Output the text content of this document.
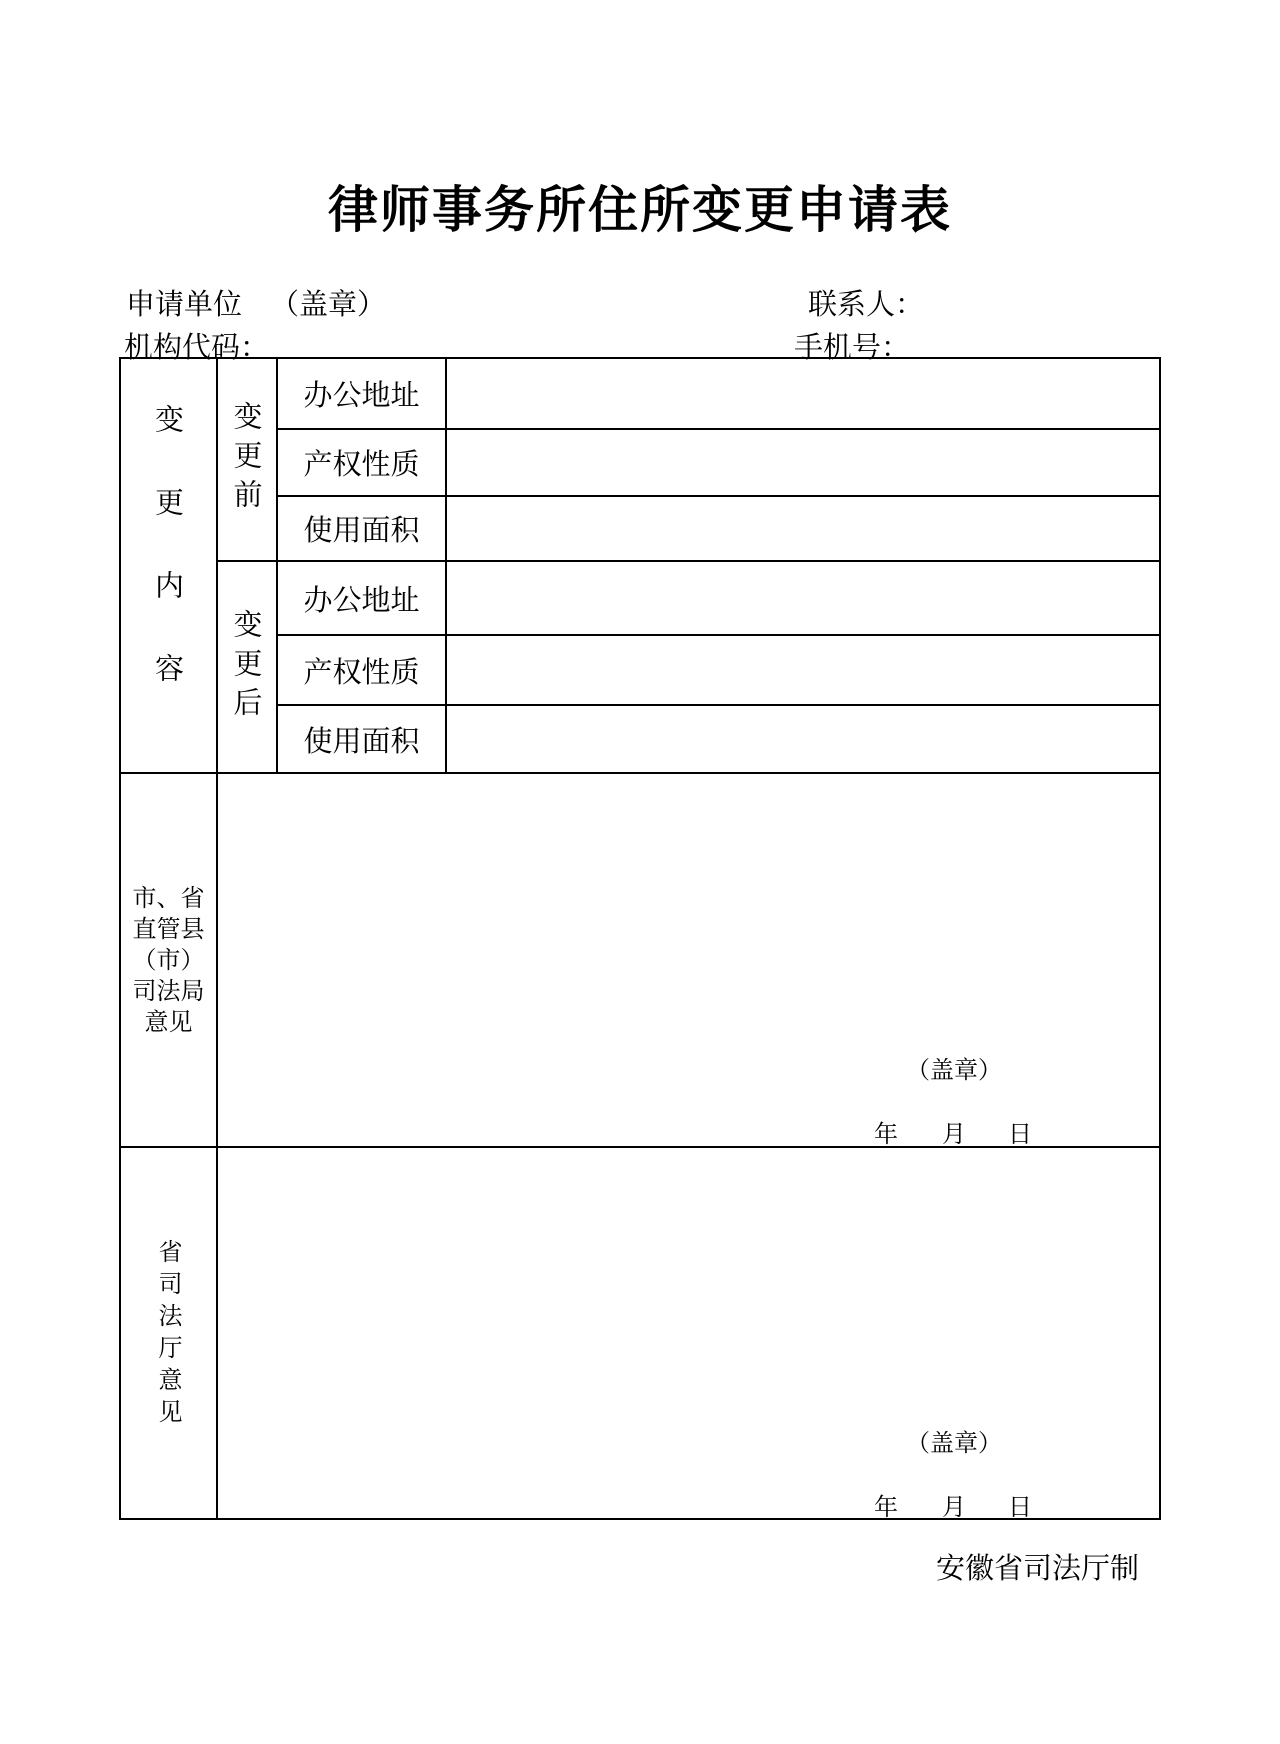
律师事务所住所变更申请表
申请单位 （盖章）	联系人：
机构代码：	手机号：
变更内容 变更前
变更后
办公地址
产权性质
使用面积
办公地址
产权性质
使用面积
市、省
直管县
（市）
司法局
意见
（盖章）
年 月 日
省司法厅意见
（盖章）
年 月 日
安徽省司法厅制
